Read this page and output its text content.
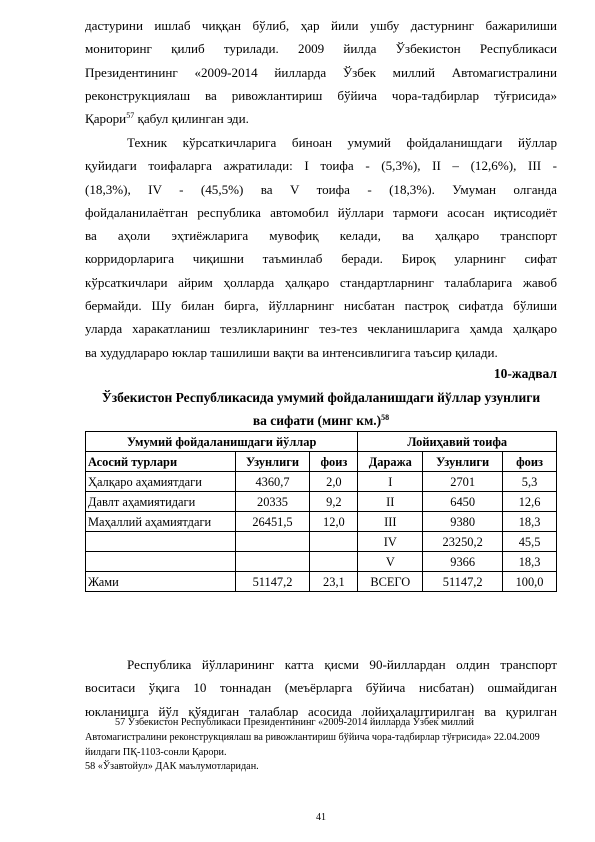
дастурини ишлаб чиққан бўлиб, ҳар йили ушбу дастурнинг бажарилиши
мониторинг қилиб турилади. 2009 йилда Ўзбекистон Республикаси
Президентининг «2009-2014 йилларда Ўзбек миллий Автомагистралини
реконструкциялаш ва ривожлантириш бўйича чора-тадбирлар тўғрисида»
Қарори$^{57}$ қабул қилинган эди.
Техник кўрсаткичларига биноан умумий фойдаланишдаги йўллар
қуйидаги тоифаларга ажратилади: I тоифа - (5,3%), II – (12,6%), III -
(18,3%), IV - (45,5%) ва V тоифа - (18,3%). Умуман олганда
фойдаланилаётган республика автомобил йўллари тармоғи асосан иқтисодиёт
ва аҳоли эҳтиёжларига мувофиқ келади, ва ҳалқаро транспорт
корридорларига чиқишни таъминлаб беради. Бироқ уларнинг сифат
кўрсаткичлари айрим ҳолларда ҳалқаро стандартларнинг талабларига жавоб
бермайди. Шу билан бирга, йўлларнинг нисбатан пастроқ сифатда бўлиши
уларда харакатланиш тезликларининг тез-тез чекланишларига ҳамда ҳалқаро
ва худудлараро юклар ташилиши вақти ва интенсивлигига таъсир қилади.
10-жадвал
Ўзбекистон Республикасида умумий фойдаланишдаги йўллар узунлиги
ва сифати (минг км.)$^{58}$
Умумий фойдаланишдаги йўллар			Лойиҳавий тоифа		
Асосий турлари	Узунлиги	фоиз	Даража	Узунлиги	фоиз
Ҳалқаро аҳамиятдаги	4360,7	2,0	I	2701	5,3
Давлт аҳамиятидаги	20335	9,2	II	6450	12,6
Маҳаллий аҳамиятдаги	26451,5	12,0	III	9380	18,3
			IV	23250,2	45,5
			V	9366	18,3
Жами	51147,2	23,1	ВСЕГО	51147,2	100,0
Республика йўлларининг катта қисми 90-йиллардан олдин транспорт
воситаси ўқига 10 тоннадан (меъёрларга бўйича нисбатан) ошмайдиган
юкланишга йўл қўядиган талаблар асосида лойиҳалаштирилган ва қурилган
57 Ўзбекистон Республикаси Президентининг «2009-2014 йилларда Ўзбек миллий Автомагистралини реконструкциялаш ва ривожлантириш бўйича чора-тадбирлар тўғрисида» 22.04.2009 йилдаги ПҚ-1103-сонли Қарори.
58 «Ўзавтойул» ДАК маълумотларидан.
41
